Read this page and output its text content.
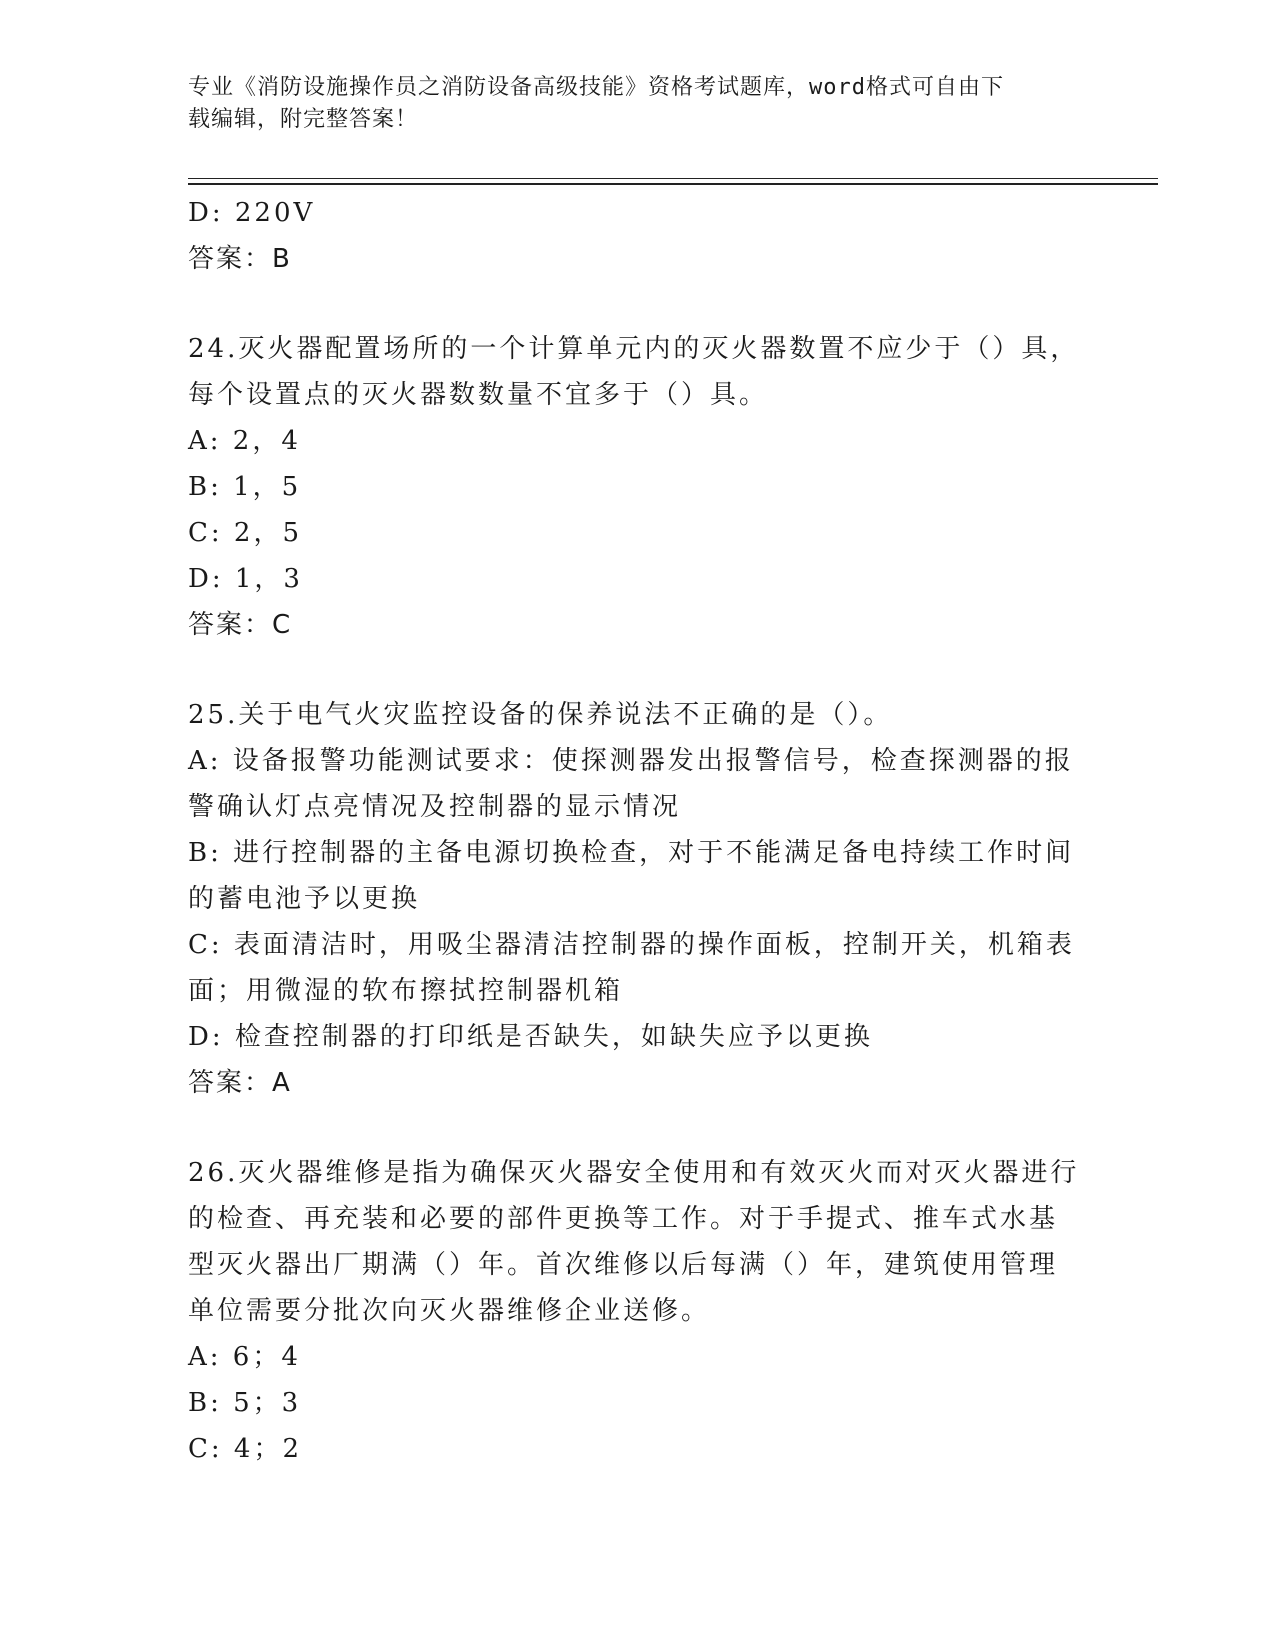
专业《消防设施操作员之消防设备高级技能》资格考试题库，word格式可自由下
载编辑，附完整答案！
D: 220V
答案：B
24.灭火器配置场所的一个计算单元内的灭火器数置不应少于（）具，
每个设置点的灭火器数数量不宜多于（）具。
A: 2，4
B: 1，5
C: 2，5
D: 1，3
答案：C
25.关于电气火灾监控设备的保养说法不正确的是（）。
A: 设备报警功能测试要求：使探测器发出报警信号，检查探测器的报
警确认灯点亮情况及控制器的显示情况
B: 进行控制器的主备电源切换检查，对于不能满足备电持续工作时间
的蓄电池予以更换
C: 表面清洁时，用吸尘器清洁控制器的操作面板，控制开关，机箱表
面；用微湿的软布擦拭控制器机箱
D: 检查控制器的打印纸是否缺失，如缺失应予以更换
答案：A
26.灭火器维修是指为确保灭火器安全使用和有效灭火而对灭火器进行
的检查、再充装和必要的部件更换等工作。对于手提式、推车式水基
型灭火器出厂期满（）年。首次维修以后每满（）年，建筑使用管理
单位需要分批次向灭火器维修企业送修。
A: 6；4
B: 5；3
C: 4；2
